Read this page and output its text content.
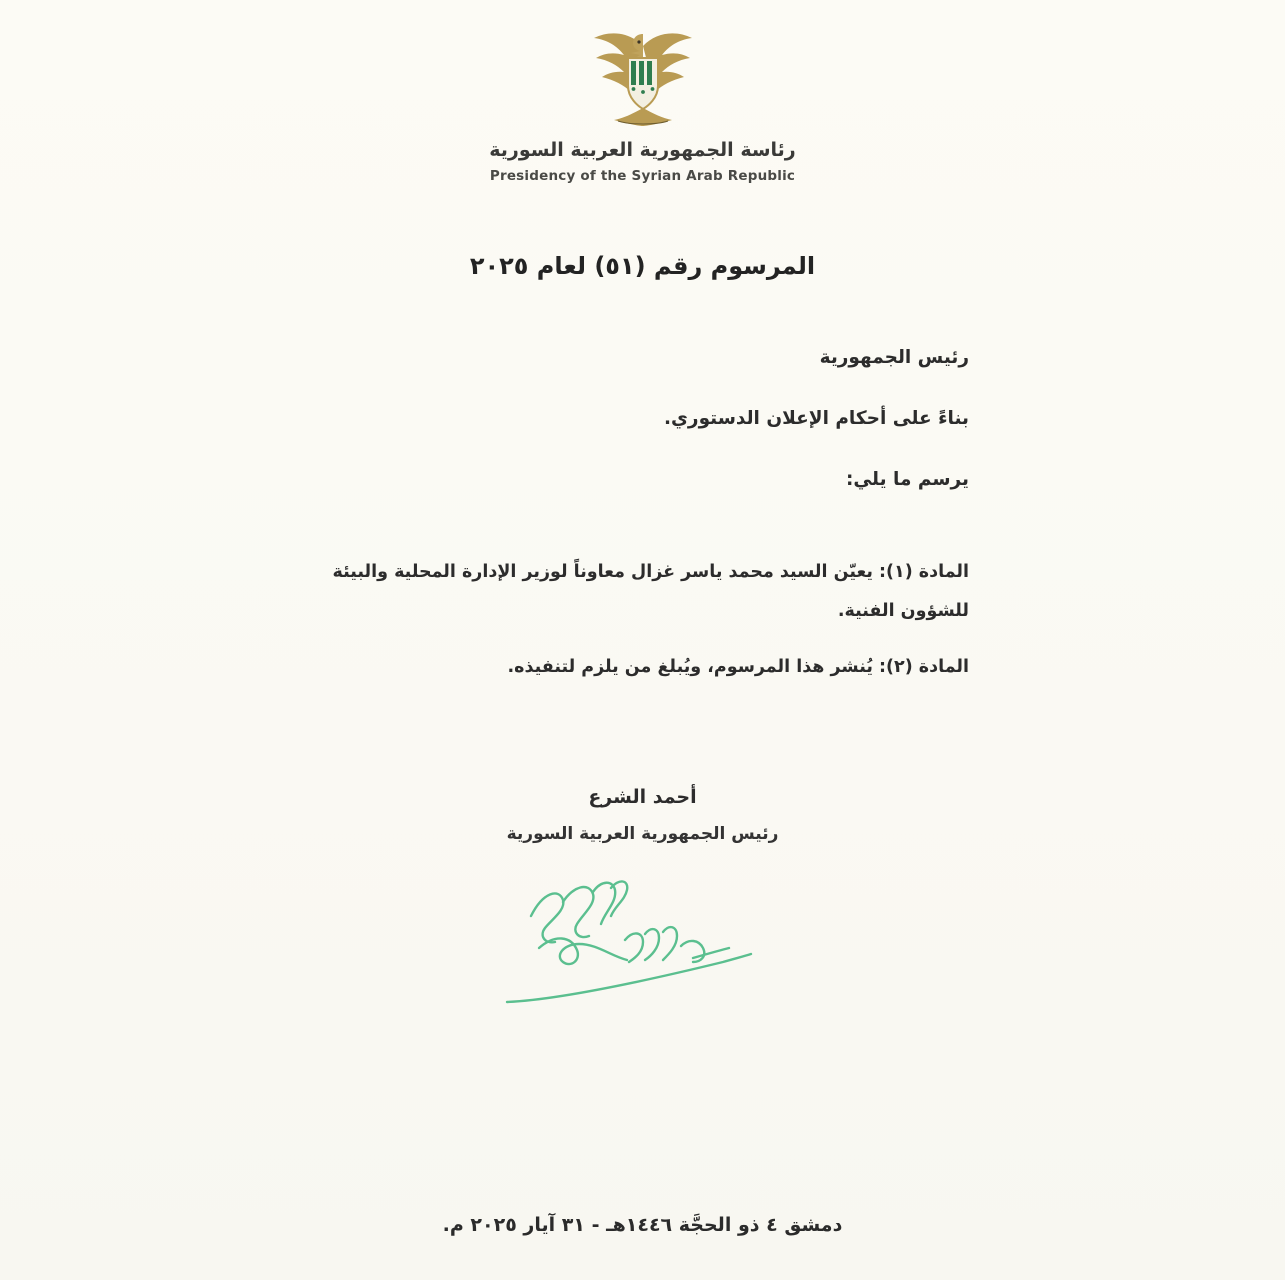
رئاسة الجمهورية العربية السورية
Presidency of the Syrian Arab Republic
المرسوم رقم (٥١) لعام ٢٠٢٥
رئيس الجمهورية
بناءً على أحكام الإعلان الدستوري.
يرسم ما يلي:
المادة (١): يعيّن السيد محمد ياسر غزال معاوناً لوزير الإدارة المحلية والبيئة للشؤون الفنية.
المادة (٢): يُنشر هذا المرسوم، ويُبلغ من يلزم لتنفيذه.
أحمد الشرع
رئيس الجمهورية العربية السورية
دمشق ٤ ذو الحجَّة ١٤٤٦هـ - ٣١ آيار ٢٠٢٥ م.
